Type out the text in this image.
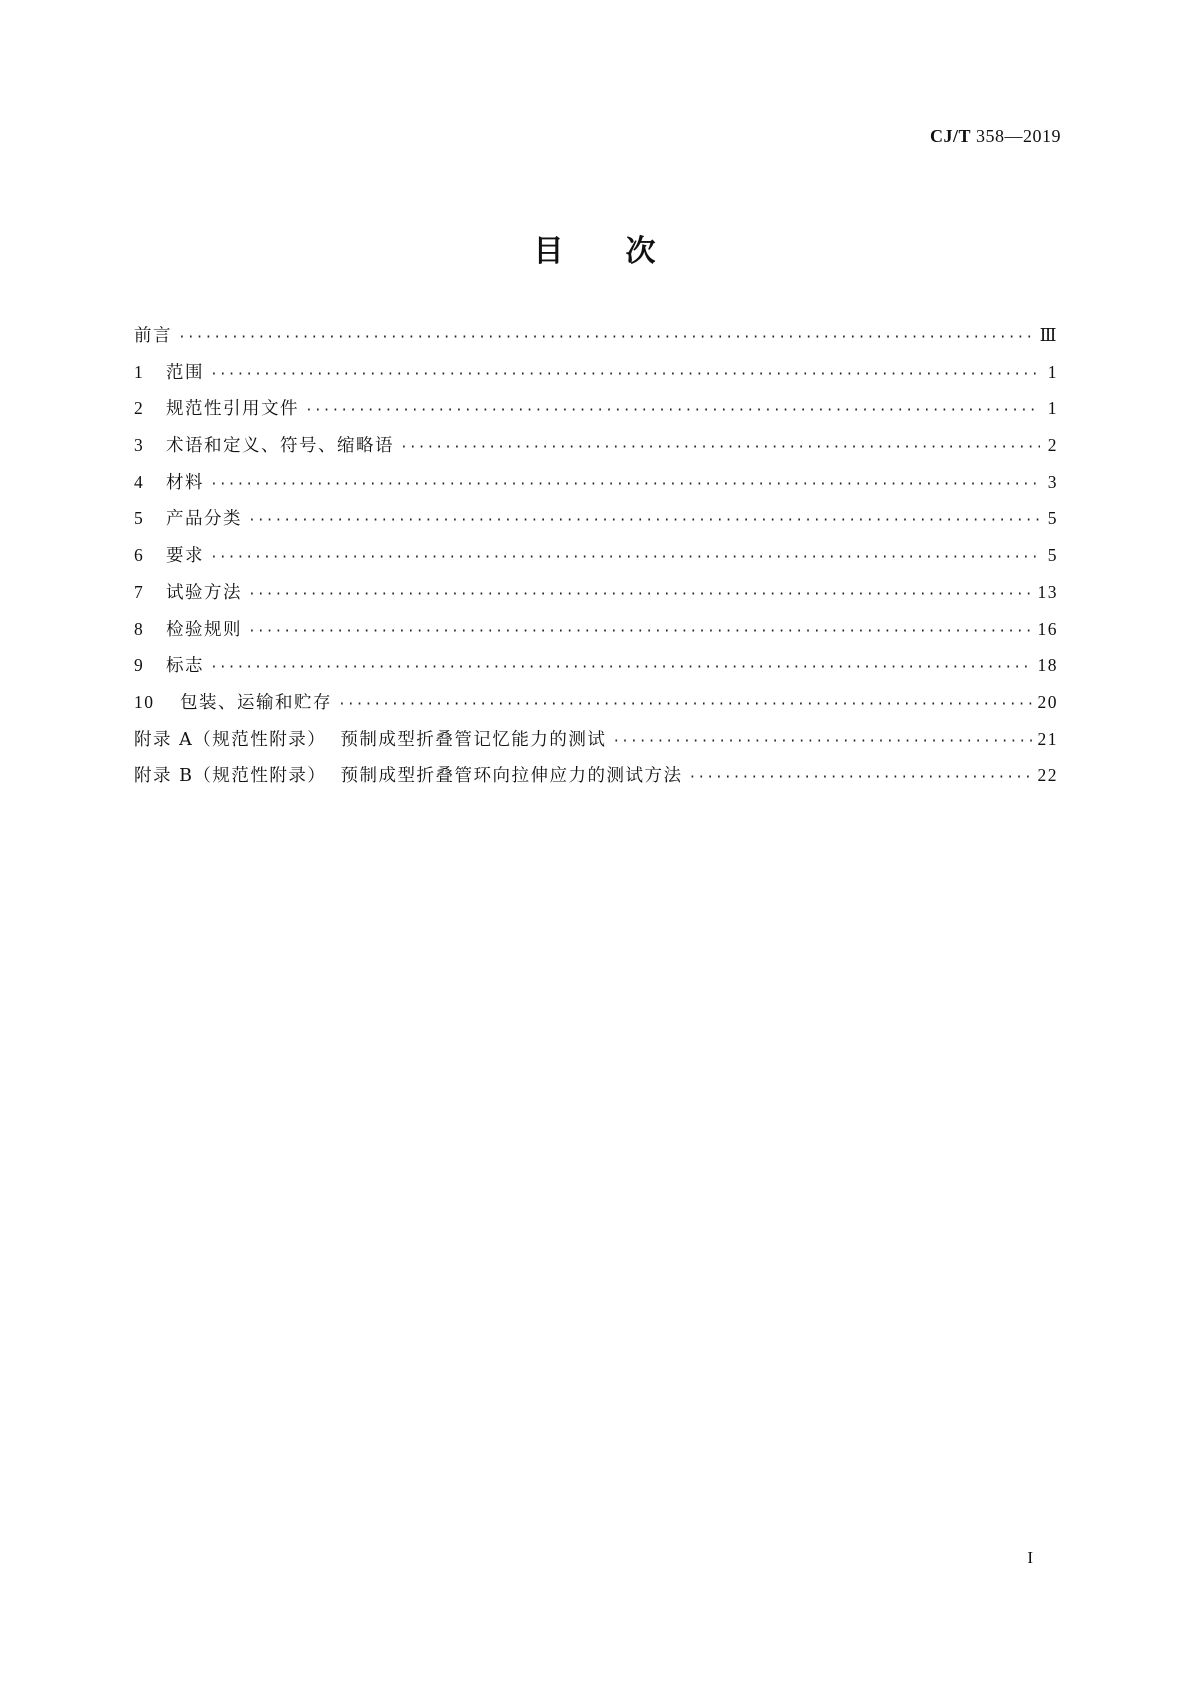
CJ/T 358—2019
目 次
前言 ·····	Ⅲ
1	范围 ·····	1
2	规范性引用文件 ·····	1
3	术语和定义、符号、缩略语 ·····	2
4	材料 ·····	3
5	产品分类 ·····	5
6	要求 ·····	5
7	试验方法 ·····	13
8	检验规则 ·····	16
9	标志 ·····	18
10	包装、运输和贮存 ·····	20
附录 A（规范性附录）  预制成型折叠管记忆能力的测试 ·····	21
附录 B（规范性附录）  预制成型折叠管环向拉伸应力的测试方法 ·····	22
I
